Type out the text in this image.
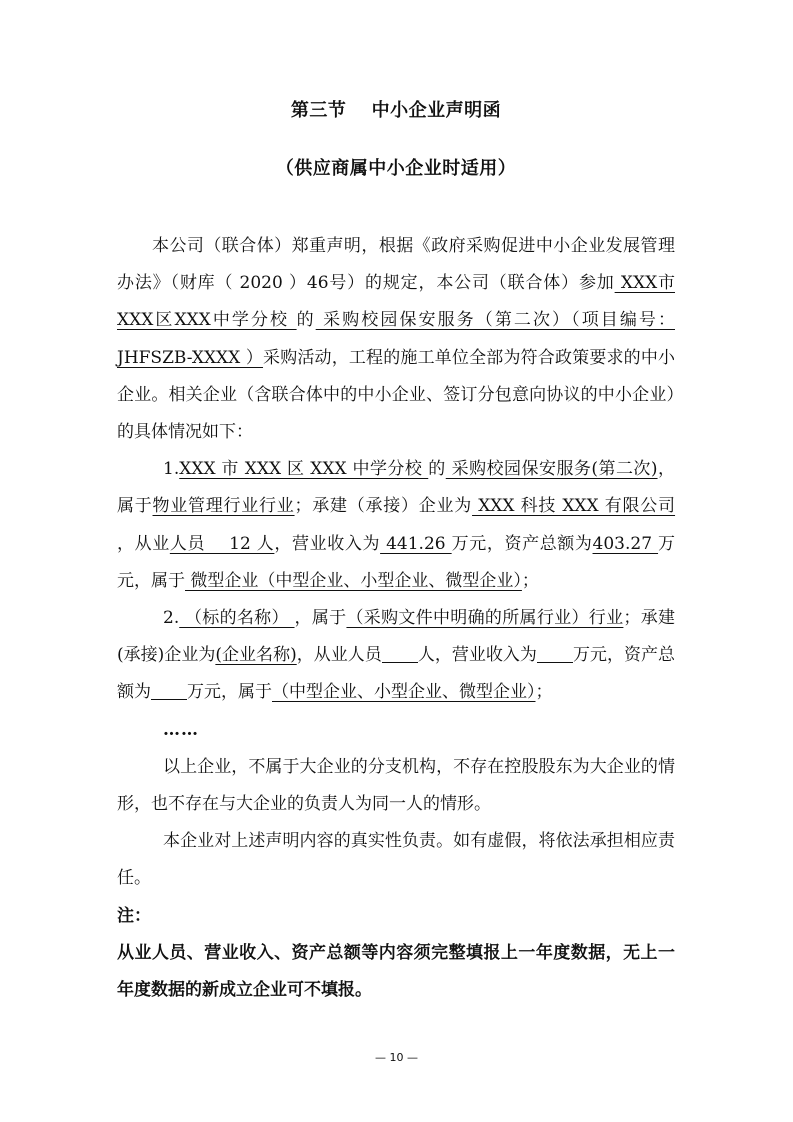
第三节　 中小企业声明函
（供应商属中小企业时适用）

本公司（联合体）郑重声明，根据《政府采购促进中小企业发展管理办法》（财库（ 2020 ）46号）的规定，本公司（联合体）参加 XXX市XXX区XXX中学分校 的 采购校园保安服务（第二次）（项目编号：JHFSZB-XXXX ）采购活动，工程的施工单位全部为符合政策要求的中小企业。相关企业（含联合体中的中小企业、签订分包意向协议的中小企业）的具体情况如下：

1.XXX 市 XXX 区 XXX 中学分校 的 采购校园保安服务(第二次)，属于物业管理行业行业；承建（承接）企业为 XXX 科技 XXX 有限公司 ，从业人员    12 人，营业收入为 441.26 万元，资产总额为403.27 万元，属于 微型企业（中型企业、小型企业、微型企业）；

2. （标的名称） ，属于（采购文件中明确的所属行业）行业；承建(承接)企业为(企业名称)，从业人员 人，营业收入为 万元，资产总额为 万元，属于（中型企业、小型企业、微型企业）；

……

以上企业，不属于大企业的分支机构，不存在控股股东为大企业的情形，也不存在与大企业的负责人为同一人的情形。

本企业对上述声明内容的真实性负责。如有虚假，将依法承担相应责任。

注：

从业人员、营业收入、资产总额等内容须完整填报上一年度数据，无上一年度数据的新成立企业可不填报。

— 10 —
